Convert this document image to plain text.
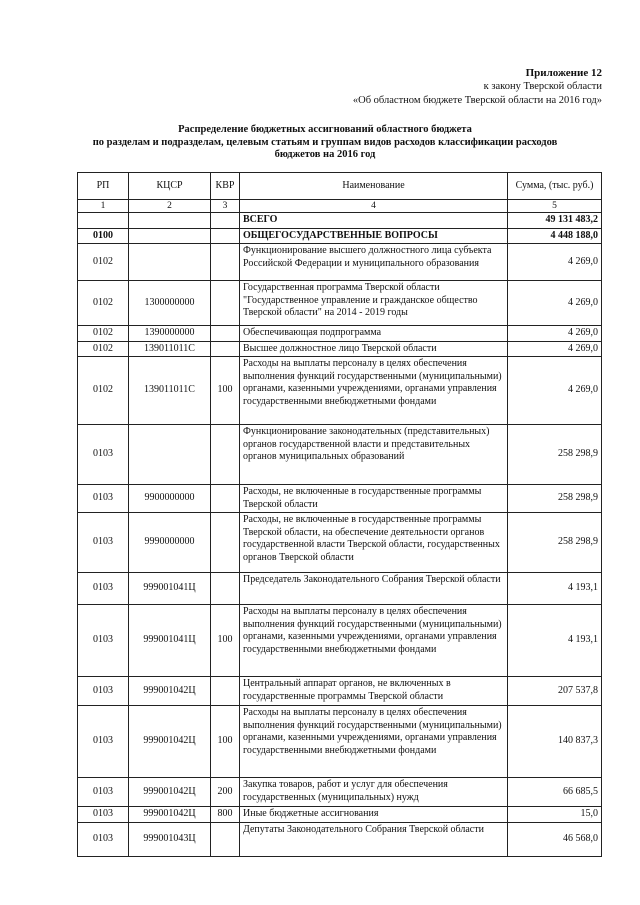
Приложение 12
к закону Тверской области
«Об областном бюджете Тверской области на 2016 год»
Распределение бюджетных ассигнований областного бюджета
по разделам и подразделам, целевым статьям и группам видов расходов классификации расходов
бюджетов на 2016 год
РП	КЦСР	КВР	Наименование	Сумма, (тыс. руб.)
1	2	3	4	5
			ВСЕГО	49 131 483,2
0100			ОБЩЕГОСУДАРСТВЕННЫЕ ВОПРОСЫ	4 448 188,0
0102			Функционирование высшего должностного лица субъекта Российской Федерации и муниципального образования	4 269,0
0102	1300000000		Государственная программа Тверской области "Государственное управление и гражданское общество Тверской области" на 2014 - 2019 годы	4 269,0
0102	1390000000		Обеспечивающая подпрограмма	4 269,0
0102	139011011С		Высшее должностное лицо Тверской области	4 269,0
0102	139011011С	100	Расходы на выплаты персоналу в целях обеспечения выполнения функций государственными (муниципальными) органами, казенными учреждениями, органами управления государственными внебюджетными фондами	4 269,0
0103			Функционирование законодательных (представительных) органов государственной власти и представительных органов муниципальных образований	258 298,9
0103	9900000000		Расходы, не включенные в государственные программы Тверской области	258 298,9
0103	9990000000		Расходы, не включенные в государственные программы Тверской области, на обеспечение деятельности органов государственной власти Тверской области, государственных органов Тверской области	258 298,9
0103	999001041Ц		Председатель Законодательного Собрания Тверской области	4 193,1
0103	999001041Ц	100	Расходы на выплаты персоналу в целях обеспечения выполнения функций государственными (муниципальными) органами, казенными учреждениями, органами управления государственными внебюджетными фондами	4 193,1
0103	999001042Ц		Центральный аппарат органов, не включенных в государственные программы Тверской области	207 537,8
0103	999001042Ц	100	Расходы на выплаты персоналу в целях обеспечения выполнения функций государственными (муниципальными) органами, казенными учреждениями, органами управления государственными внебюджетными фондами	140 837,3
0103	999001042Ц	200	Закупка товаров, работ и услуг для обеспечения государственных (муниципальных) нужд	66 685,5
0103	999001042Ц	800	Иные бюджетные ассигнования	15,0
0103	999001043Ц		Депутаты Законодательного Собрания Тверской области	46 568,0
